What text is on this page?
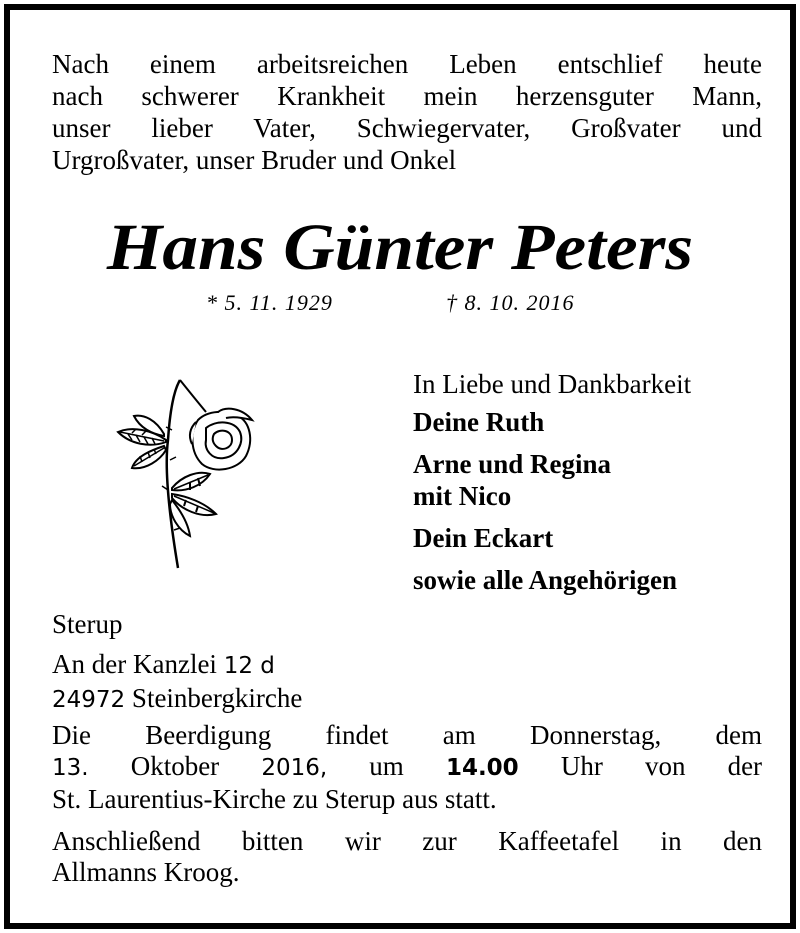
Nach einem arbeitsreichen Leben entschlief heute
nach schwerer Krankheit mein herzensguter Mann,
unser lieber Vater, Schwiegervater, Großvater und
Urgroßvater, unser Bruder und Onkel
Hans Günter Peters
* 5. 11. 1929	† 8. 10. 2016
In Liebe und Dankbarkeit
Deine Ruth
Arne und Regina
mit Nico
Dein Eckart
sowie alle Angehörigen
Sterup
An der Kanzlei 12 d
24972 Steinbergkirche
Die Beerdigung findet am Donnerstag, dem
13. Oktober 2016, um 14.00 Uhr von der
St. Laurentius-Kirche zu Sterup aus statt.
Anschließend bitten wir zur Kaffeetafel in den
Allmanns Kroog.
